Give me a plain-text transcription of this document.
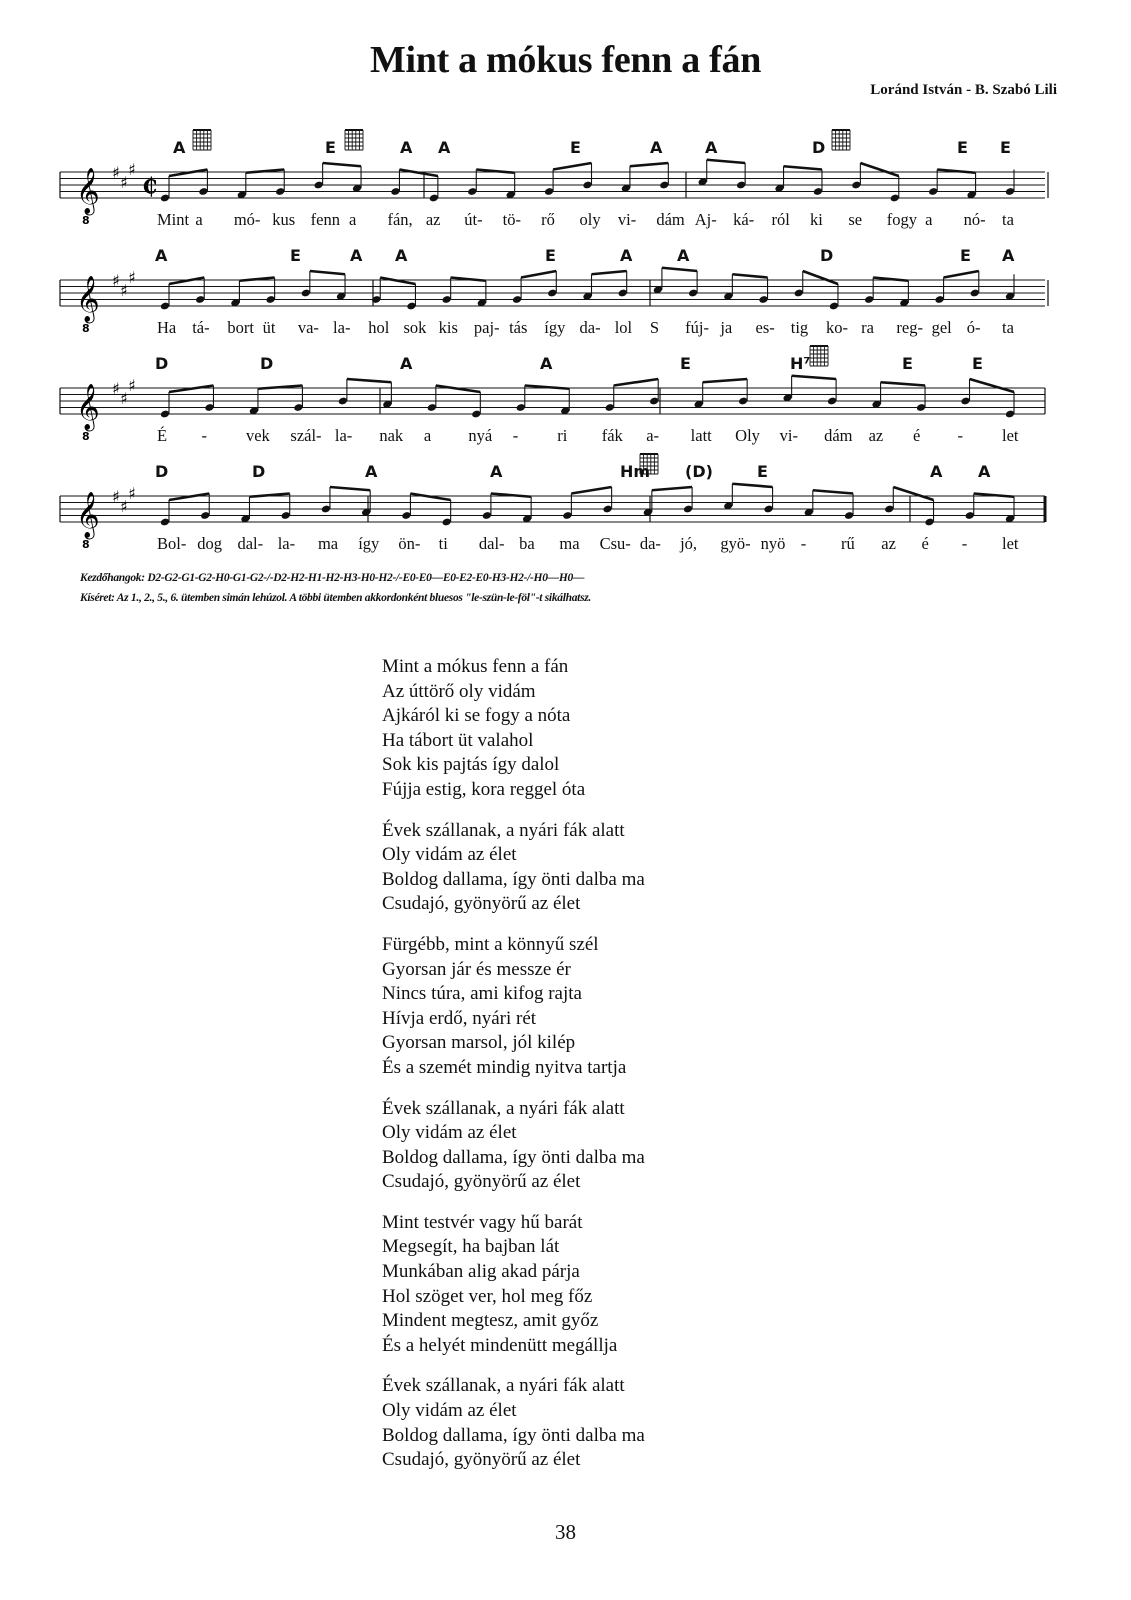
Mint a mókus fenn a fán
Loránd István - B. Szabó Lili
𝄞
8
♯
♯
♯
₵
A	E	A A	E	A	A	D	E E
Mint a mó- kus fenn a fán, az út- tö- rő oly vi- dám Aj- ká- ról ki se fogy a nó- ta
𝄞
8
♯
♯
♯
A	E	A A	E	A	A	D	E A
Ha tá- bort üt va- la- hol sok kis paj- tás így da- lol S fúj- ja es- tig ko- ra reg- gel ó- ta
𝄞
8
♯
♯
♯
D	D	A	A	E	H⁷	E	E
É - vek szál- la- nak a nyá - ri fák a- latt Oly vi- dám az é - let
𝄞
8
♯
♯
♯
D	D	A	A	Hm (D)	E	A A
Bol- dog dal- la- ma így ön- ti dal- ba ma Csu- da- jó, gyö- nyö - rű az é - let
Kezdőhangok: D2-G2-G1-G2-H0-G1-G2-/-D2-H2-H1-H2-H3-H0-H2-/-E0-E0—E0-E2-E0-H3-H2-/-H0—H0—
Kíséret: Az 1., 2., 5., 6. ütemben simán lehúzol. A többi ütemben akkordonként bluesos "le-szün-le-föl"-t sikálhatsz.
Mint a mókus fenn a fán
Az úttörő oly vidám
Ajkáról ki se fogy a nóta
Ha tábort üt valahol
Sok kis pajtás így dalol
Fújja estig, kora reggel óta
Évek szállanak, a nyári fák alatt
Oly vidám az élet
Boldog dallama, így önti dalba ma
Csudajó, gyönyörű az élet
Fürgébb, mint a könnyű szél
Gyorsan jár és messze ér
Nincs túra, ami kifog rajta
Hívja erdő, nyári rét
Gyorsan marsol, jól kilép
És a szemét mindig nyitva tartja
Évek szállanak, a nyári fák alatt
Oly vidám az élet
Boldog dallama, így önti dalba ma
Csudajó, gyönyörű az élet
Mint testvér vagy hű barát
Megsegít, ha bajban lát
Munkában alig akad párja
Hol szöget ver, hol meg főz
Mindent megtesz, amit győz
És a helyét mindenütt megállja
Évek szállanak, a nyári fák alatt
Oly vidám az élet
Boldog dallama, így önti dalba ma
Csudajó, gyönyörű az élet
38
